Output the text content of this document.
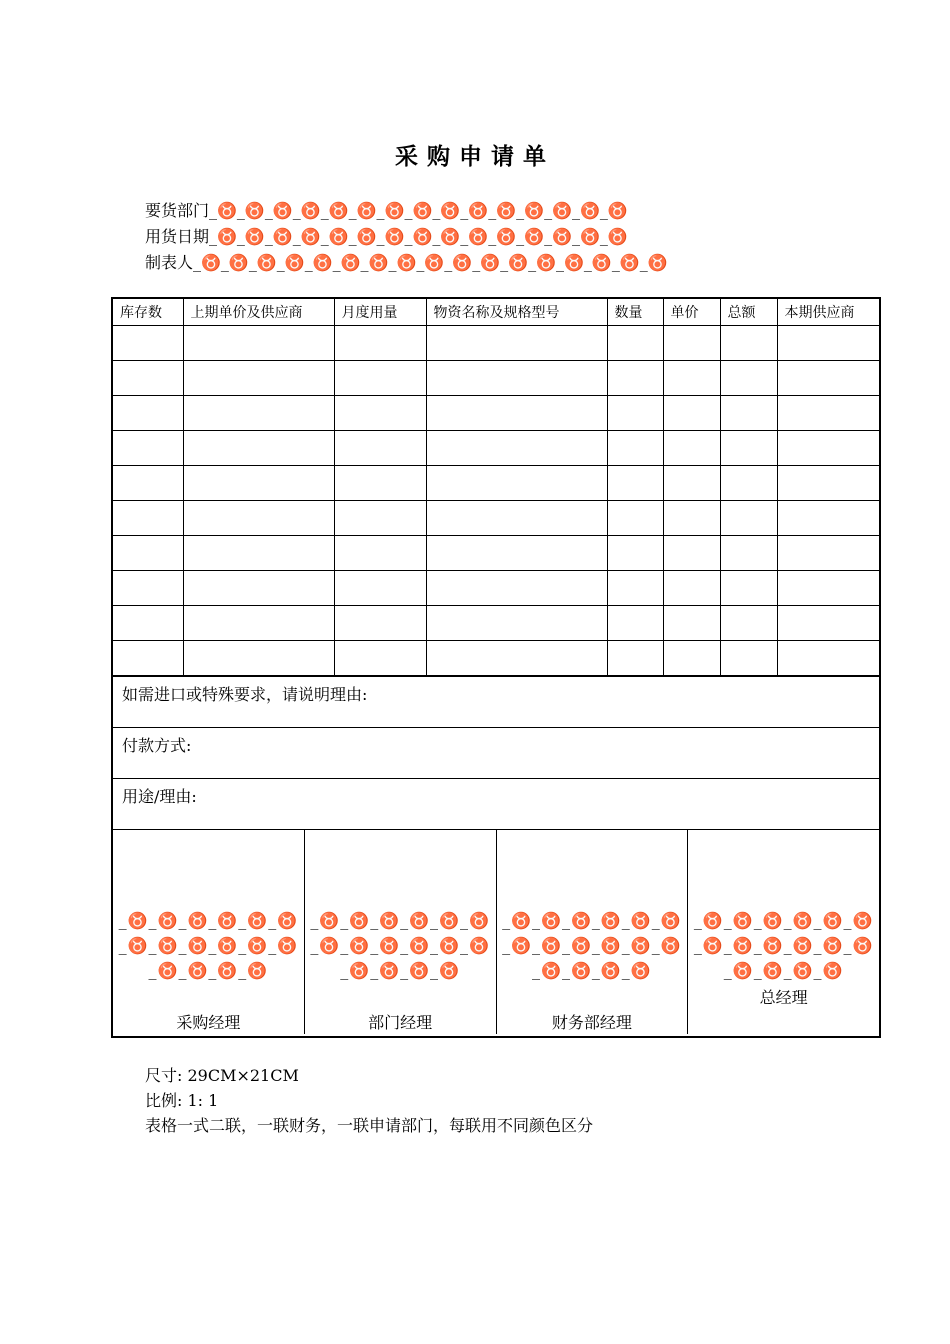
采购申请单
要货部门_♉_♉_♉_♉_♉_♉_♉_♉_♉_♉_♉_♉_♉_♉_♉
用货日期_♉_♉_♉_♉_♉_♉_♉_♉_♉_♉_♉_♉_♉_♉_♉
制表人_♉_♉_♉_♉_♉_♉_♉_♉_♉_♉_♉_♉_♉_♉_♉_♉_♉
库存数	上期单价及供应商	月度用量	物资名称及规格型号	数量	单价	总额	本期供应商

如需进口或特殊要求，请说明理由:
付款方式:
用途/理由:
_♉_♉_♉_♉_♉_♉_♉_♉_♉_♉_♉_♉_♉_♉_♉_♉
采购经理
_♉_♉_♉_♉_♉_♉_♉_♉_♉_♉_♉_♉_♉_♉_♉_♉
部门经理
_♉_♉_♉_♉_♉_♉_♉_♉_♉_♉_♉_♉_♉_♉_♉_♉
财务部经理
_♉_♉_♉_♉_♉_♉_♉_♉_♉_♉_♉_♉_♉_♉_♉_♉
总经理
尺寸: 29CM×21CM
比例: 1: 1
表格一式二联，一联财务，一联申请部门，每联用不同颜色区分
